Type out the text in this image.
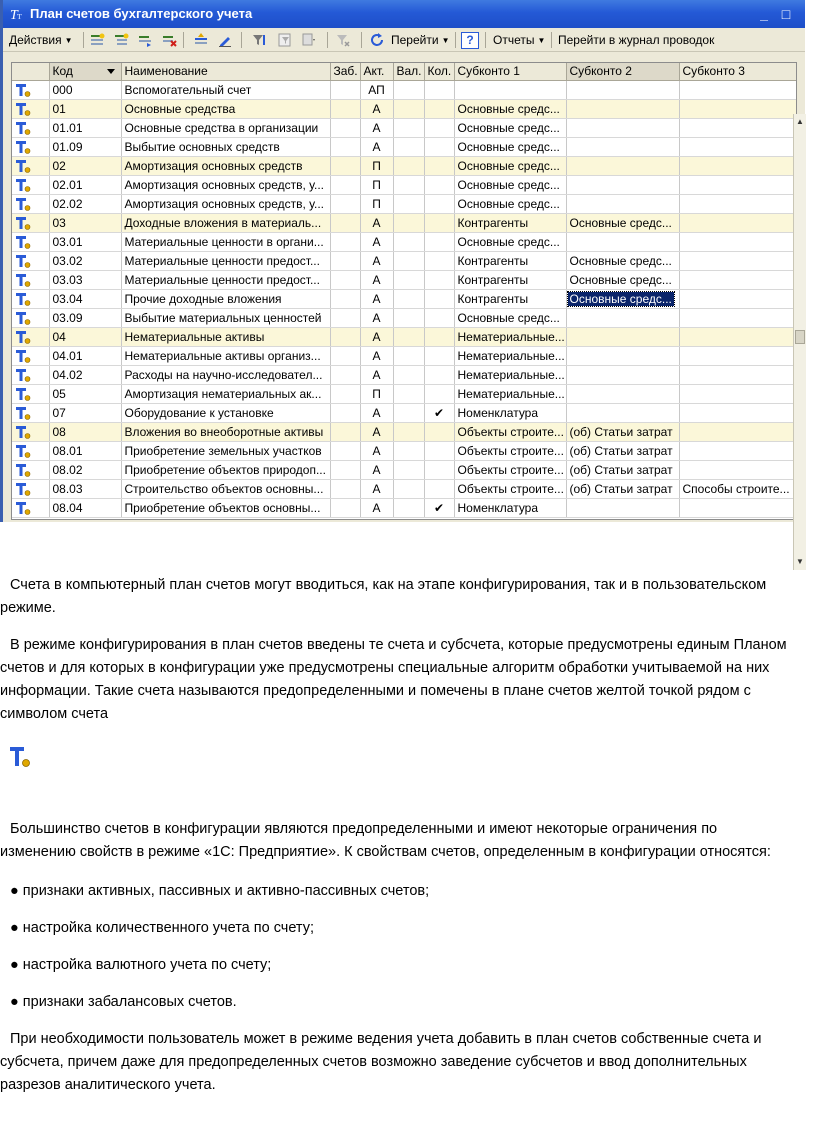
Т т План счетов бухгалтерского учета	_ □
Действия ▼	Перейти ▼	?	Отчеты ▼ Перейти в журнал проводок
	Код	Наименование	Заб.	Акт.	Вал.	Кол.	Субконто 1	Субконто 2	Субконто 3
	000	Вспомогательный счет		АП					
	01	Основные средства		А			Основные средс...		
	01.01	Основные средства в организации		А			Основные средс...		
	01.09	Выбытие основных средств		А			Основные средс...		
	02	Амортизация основных средств		П			Основные средс...		
	02.01	Амортизация основных средств, у...		П			Основные средс...		
	02.02	Амортизация основных средств, у...		П			Основные средс...		
	03	Доходные вложения в материаль...		А			Контрагенты	Основные средс...	
	03.01	Материальные ценности в органи...		А			Основные средс...		
	03.02	Материальные ценности предост...		А			Контрагенты	Основные средс...	
	03.03	Материальные ценности предост...		А			Контрагенты	Основные средс...	
	03.04	Прочие доходные вложения		А			Контрагенты	Основные средс...	
	03.09	Выбытие материальных ценностей		А			Основные средс...		
	04	Нематериальные активы		А			Нематериальные...		
	04.01	Нематериальные активы организ...		А			Нематериальные...		
	04.02	Расходы на научно-исследовател...		А			Нематериальные...		
	05	Амортизация нематериальных ак...		П			Нематериальные...		
	07	Оборудование к установке		А		✔	Номенклатура		
	08	Вложения во внеоборотные активы		А			Объекты строите...	(об) Статьи затрат	
	08.01	Приобретение земельных участков		А			Объекты строите...	(об) Статьи затрат	
	08.02	Приобретение объектов природоп...		А			Объекты строите...	(об) Статьи затрат	
	08.03	Строительство объектов основны...		А			Объекты строите...	(об) Статьи затрат	Способы строите...
	08.04	Приобретение объектов основны...		А		✔	Номенклатура		
▲
▼

Счета в компьютерный план счетов могут вводиться, как на этапе конфигурирования, так и в пользовательском режиме.

В режиме конфигурирования в план счетов введены те счета и субсчета, которые предусмотрены единым Планом счетов и для которых в конфигурации уже предусмотрены специальные алгоритм обработки учитываемой на них информации. Такие счета называются предопределенными и помечены в плане счетов желтой точкой рядом с символом счета

Большинство счетов в конфигурации являются предопределенными и имеют некоторые ограничения по изменению свойств в режиме «1С: Предприятие». К свойствам счетов, определенным в конфигурации относятся:

● признаки активных, пассивных и активно-пассивных счетов;

● настройка количественного учета по счету;

● настройка валютного учета по счету;

● признаки забалансовых счетов.

При необходимости пользователь может в режиме ведения учета добавить в план счетов собственные счета и субсчета, причем даже для предопределенных счетов возможно заведение субсчетов и ввод дополнительных разрезов аналитического учета.
